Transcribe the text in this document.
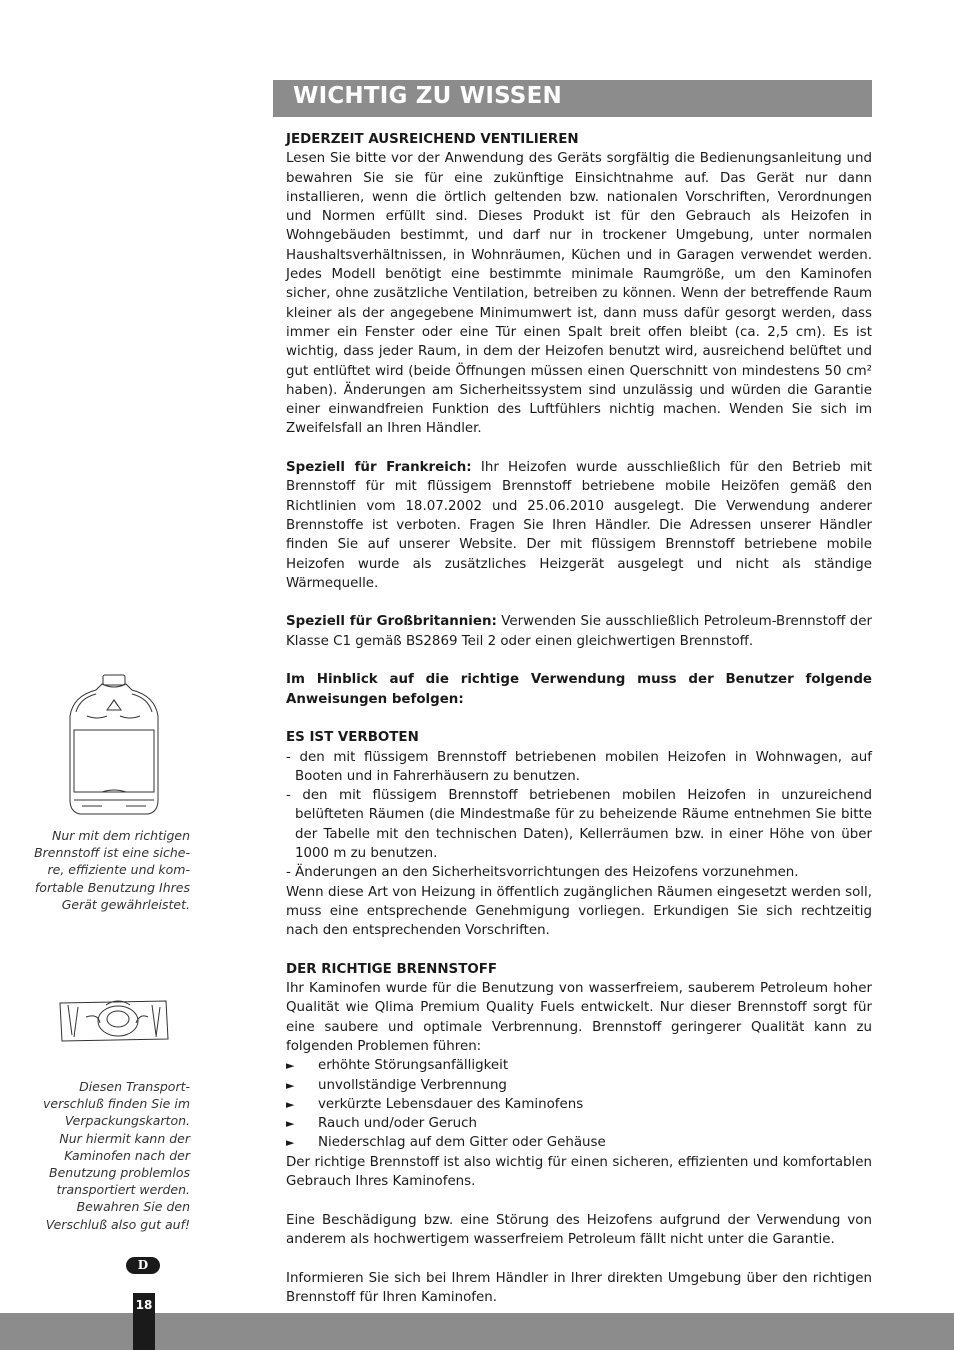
WICHTIG ZU WISSEN
Nur mit dem richtigen
Brennstoff ist eine siche-
re, effiziente und kom-
fortable Benutzung Ihres
Gerät gewährleistet.
Diesen Transport-
verschluß finden Sie im
Verpackungskarton.
Nur hiermit kann der
Kaminofen nach der
Benutzung problemlos
transportiert werden.
Bewahren Sie den
Verschluß also gut auf!
D

JEDERZEIT AUSREICHEND VENTILIEREN

Lesen Sie bitte vor der Anwendung des Geräts sorgfältig die Bedienungsanleitung und bewahren Sie sie für eine zukünftige Einsichtnahme auf. Das Gerät nur dann installieren, wenn die örtlich geltenden bzw. nationalen Vorschriften, Verordnungen und Normen erfüllt sind. Dieses Produkt ist für den Gebrauch als Heizofen in Wohngebäuden bestimmt, und darf nur in trockener Umgebung, unter normalen Haushaltsverhältnissen, in Wohnräumen, Küchen und in Garagen verwendet werden. Jedes Modell benötigt eine bestimmte minimale Raumgröße, um den Kaminofen sicher, ohne zusätzliche Ventilation, betreiben zu können. Wenn der betreffende Raum kleiner als der angegebene Minimumwert ist, dann muss dafür gesorgt werden, dass immer ein Fenster oder eine Tür einen Spalt breit offen bleibt (ca. 2,5 cm). Es ist wichtig, dass jeder Raum, in dem der Heizofen benutzt wird, ausreichend belüftet und gut entlüftet wird (beide Öffnungen müssen einen Querschnitt von mindestens 50 cm² haben). Änderungen am Sicherheitssystem sind unzulässig und würden die Garantie einer einwandfreien Funktion des Luftfühlers nichtig machen. Wenden Sie sich im Zweifelsfall an Ihren Händler.

Speziell für Frankreich: Ihr Heizofen wurde ausschließlich für den Betrieb mit Brennstoff für mit flüssigem Brennstoff betriebene mobile Heizöfen gemäß den Richtlinien vom 18.07.2002 und 25.06.2010 ausgelegt. Die Verwendung anderer Brennstoffe ist verboten. Fragen Sie Ihren Händler. Die Adressen unserer Händler finden Sie auf unserer Website. Der mit flüssigem Brennstoff betriebene mobile Heizofen wurde als zusätzliches Heizgerät ausgelegt und nicht als ständige Wärmequelle.

Speziell für Großbritannien: Verwenden Sie ausschließlich Petroleum-Brennstoff der Klasse C1 gemäß BS2869 Teil 2 oder einen gleichwertigen Brennstoff.

Im Hinblick auf die richtige Verwendung muss der Benutzer folgende Anweisungen befolgen:

ES IST VERBOTEN

- den mit flüssigem Brennstoff betriebenen mobilen Heizofen in Wohnwagen, auf Booten und in Fahrerhäusern zu benutzen.

- den mit flüssigem Brennstoff betriebenen mobilen Heizofen in unzureichend belüfteten Räumen (die Mindestmaße für zu beheizende Räume entnehmen Sie bitte der Tabelle mit den technischen Daten), Kellerräumen bzw. in einer Höhe von über 1000 m zu benutzen.

- Änderungen an den Sicherheitsvorrichtungen des Heizofens vorzunehmen.

Wenn diese Art von Heizung in öffentlich zugänglichen Räumen eingesetzt werden soll, muss eine entsprechende Genehmigung vorliegen. Erkundigen Sie sich rechtzeitig nach den entsprechenden Vorschriften.

DER RICHTIGE BRENNSTOFF

Ihr Kaminofen wurde für die Benutzung von wasserfreiem, sauberem Petroleum hoher Qualität wie Qlima Premium Quality Fuels entwickelt. Nur dieser Brennstoff sorgt für eine saubere und optimale Verbrennung. Brennstoff geringerer Qualität kann zu folgenden Problemen führen:

► erhöhte Störungsanfälligkeit
► unvollständige Verbrennung
► verkürzte Lebensdauer des Kaminofens
► Rauch und/oder Geruch
► Niederschlag auf dem Gitter oder Gehäuse

Der richtige Brennstoff ist also wichtig für einen sicheren, effizienten und komfortablen Gebrauch Ihres Kaminofens.

Eine Beschädigung bzw. eine Störung des Heizofens aufgrund der Verwendung von anderem als hochwertigem wasserfreiem Petroleum fällt nicht unter die Garantie.

Informieren Sie sich bei Ihrem Händler in Ihrer direkten Umgebung über den richtigen Brennstoff für Ihren Kaminofen.

18
